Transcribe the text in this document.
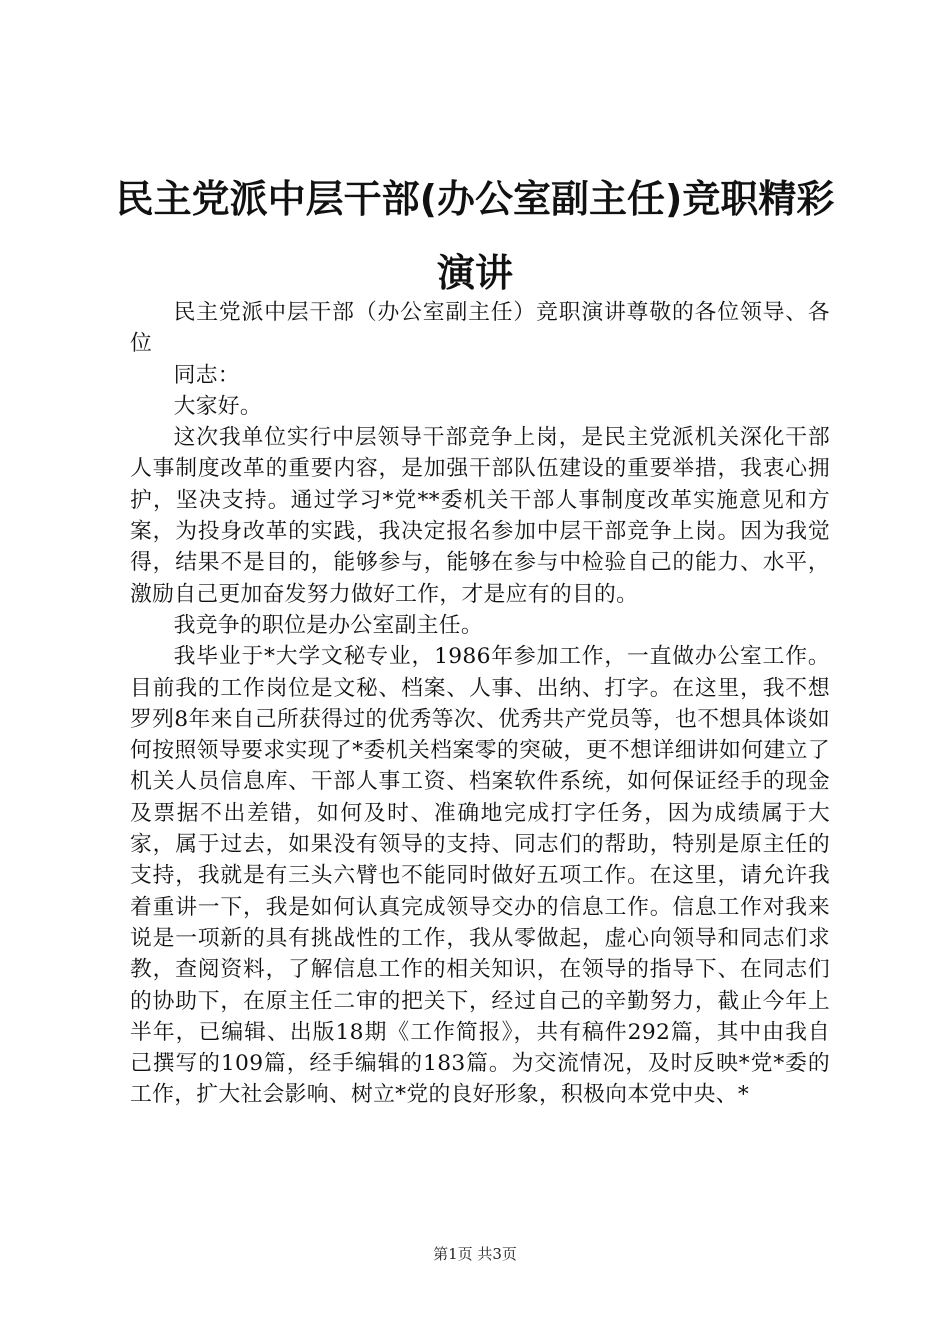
民主党派中层干部(办公室副主任)竞职精彩演讲

民主党派中层干部（办公室副主任）竞职演讲尊敬的各位领导、各位

同志：

大家好。

这次我单位实行中层领导干部竞争上岗，是民主党派机关深化干部人事制度改革的重要内容，是加强干部队伍建设的重要举措，我衷心拥护，坚决支持。通过学习*党**委机关干部人事制度改革实施意见和方案，为投身改革的实践，我决定报名参加中层干部竞争上岗。因为我觉得，结果不是目的，能够参与，能够在参与中检验自己的能力、水平，激励自己更加奋发努力做好工作，才是应有的目的。

我竞争的职位是办公室副主任。

我毕业于*大学文秘专业，1986年参加工作，一直做办公室工作。目前我的工作岗位是文秘、档案、人事、出纳、打字。在这里，我不想罗列8年来自己所获得过的优秀等次、优秀共产党员等，也不想具体谈如何按照领导要求实现了*委机关档案零的突破，更不想详细讲如何建立了机关人员信息库、干部人事工资、档案软件系统，如何保证经手的现金及票据不出差错，如何及时、准确地完成打字任务，因为成绩属于大家，属于过去，如果没有领导的支持、同志们的帮助，特别是原主任的支持，我就是有三头六臂也不能同时做好五项工作。在这里，请允许我着重讲一下，我是如何认真完成领导交办的信息工作。信息工作对我来说是一项新的具有挑战性的工作，我从零做起，虚心向领导和同志们求教，查阅资料，了解信息工作的相关知识，在领导的指导下、在同志们的协助下，在原主任二审的把关下，经过自己的辛勤努力，截止今年上半年，已编辑、出版18期《工作简报》，共有稿件292篇，其中由我自己撰写的109篇，经手编辑的183篇。为交流情况，及时反映*党*委的工作，扩大社会影响、树立*党的良好形象，积极向本党中央、*

第1页 共3页
